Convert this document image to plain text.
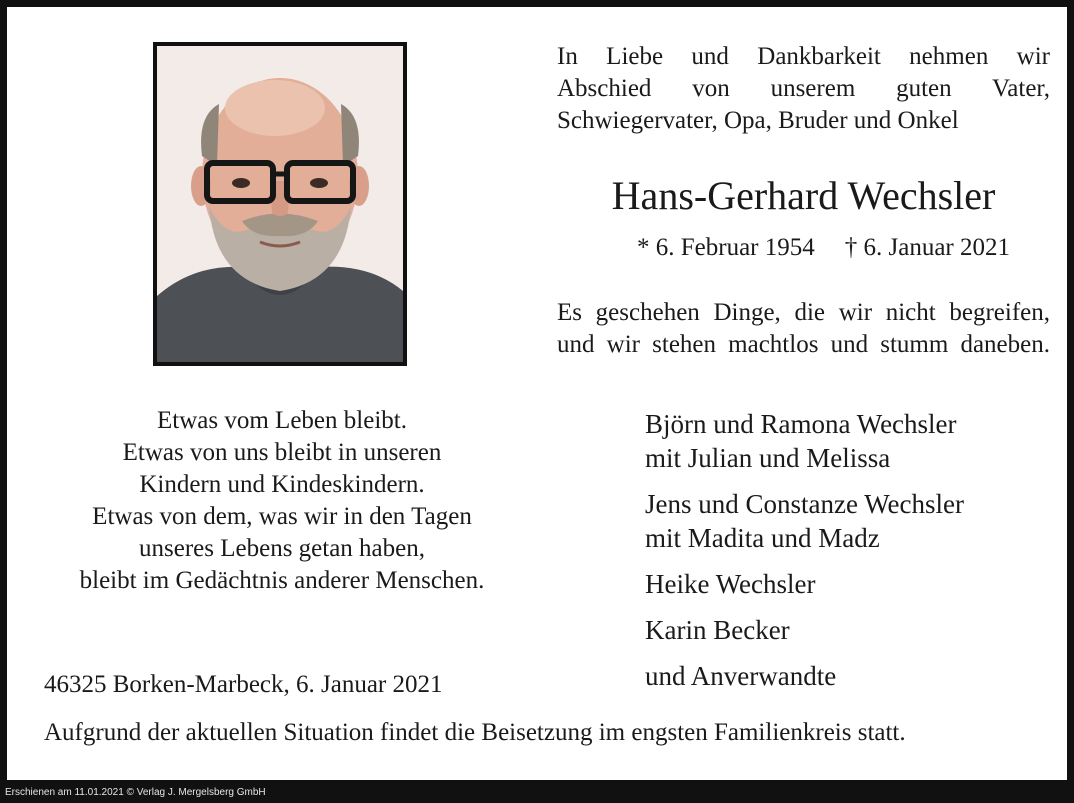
In Liebe und Dankbarkeit nehmen wir
Abschied von unserem guten Vater,
Schwiegervater, Opa, Bruder und Onkel
Hans-Gerhard Wechsler
* 6. Februar 1954 † 6. Januar 2021
Es geschehen Dinge, die wir nicht begreifen,
und wir stehen machtlos und stumm daneben.
Etwas vom Leben bleibt.
Etwas von uns bleibt in unseren
Kindern und Kindeskindern.
Etwas von dem, was wir in den Tagen
unseres Lebens getan haben,
bleibt im Gedächtnis anderer Menschen.
Björn und Ramona Wechsler
mit Julian und Melissa
Jens und Constanze Wechsler
mit Madita und Madz
Heike Wechsler
Karin Becker
und Anverwandte
46325 Borken-Marbeck, 6. Januar 2021
Aufgrund der aktuellen Situation findet die Beisetzung im engsten Familienkreis statt.
Erschienen am 11.01.2021 © Verlag J. Mergelsberg GmbH
